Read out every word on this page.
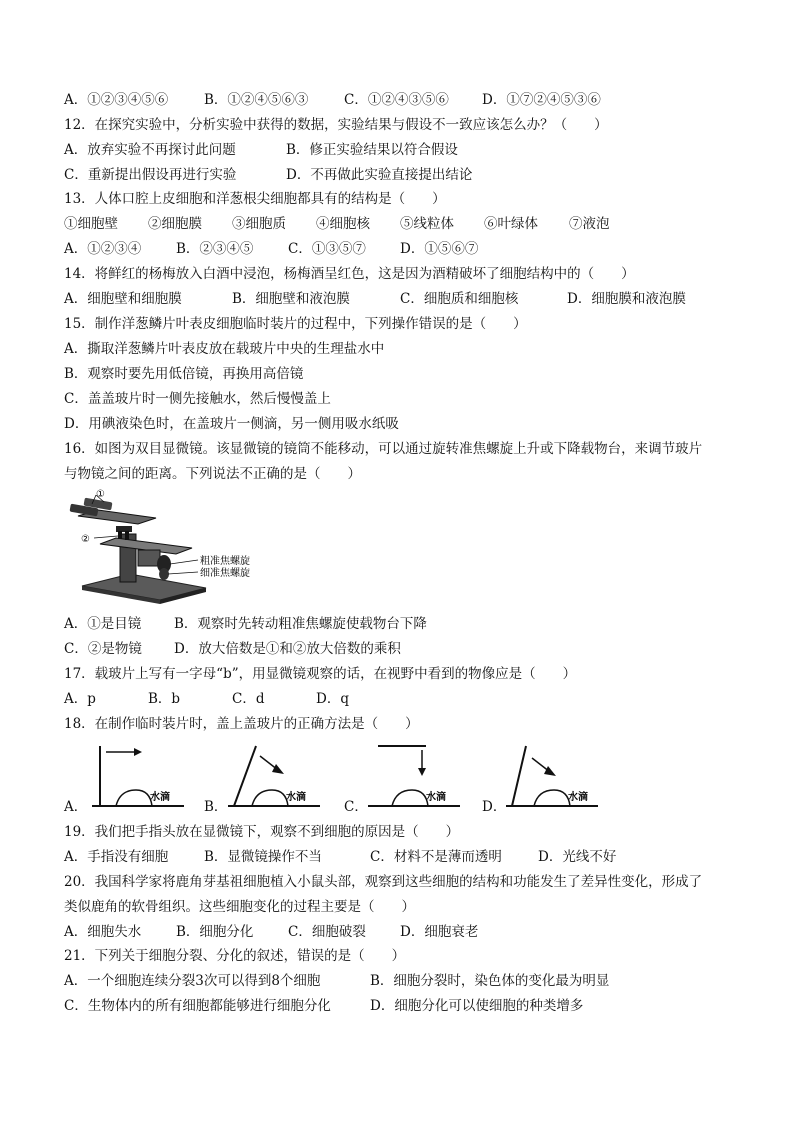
A．①②③④⑤⑥	B．①②④⑤⑥③	C．①②④③⑤⑥ D．①⑦②④⑤③⑥
12．在探究实验中，分析实验中获得的数据，实验结果与假设不一致应该怎么办？（　　）
A．放弃实验不再探讨此问题	B．修正实验结果以符合假设
C．重新提出假设再进行实验	D．不再做此实验直接提出结论
13．人体口腔上皮细胞和洋葱根尖细胞都具有的结构是（　　）
①细胞壁 ②细胞膜 ③细胞质 ④细胞核 ⑤线粒体 ⑥叶绿体 ⑦液泡
A．①②③④	B．②③④⑤	C．①③⑤⑦	D．①⑤⑥⑦
14．将鲜红的杨梅放入白酒中浸泡，杨梅酒呈红色，这是因为酒精破坏了细胞结构中的（　　）
A．细胞壁和细胞膜	B．细胞壁和液泡膜	C．细胞质和细胞核	D．细胞膜和液泡膜
15．制作洋葱鳞片叶表皮细胞临时装片的过程中，下列操作错误的是（　　）
A．撕取洋葱鳞片叶表皮放在载玻片中央的生理盐水中
B．观察时要先用低倍镜，再换用高倍镜
C．盖盖玻片时一侧先接触水，然后慢慢盖上
D．用碘液染色时，在盖玻片一侧滴，另一侧用吸水纸吸
16．如图为双目显微镜。该显微镜的镜筒不能移动，可以通过旋转准焦螺旋上升或下降载物台，来调节玻片
与物镜之间的距离。下列说法不正确的是（　　）
①
②
粗准焦螺旋
细准焦螺旋
A．①是目镜 B．观察时先转动粗准焦螺旋使载物台下降
C．②是物镜 D．放大倍数是①和②放大倍数的乘积
17．载玻片上写有一字母“b”，用显微镜观察的话，在视野中看到的物像应是（　　）
A．p	B．b	C．d	D．q
18．在制作临时装片时，盖上盖玻片的正确方法是（　　）
A．	B．	C．	D．
水滴	水滴	水滴	水滴
19．我们把手指头放在显微镜下，观察不到细胞的原因是（　　）
A．手指没有细胞	B．显微镜操作不当	C．材料不是薄而透明	D．光线不好
20．我国科学家将鹿角芽基祖细胞植入小鼠头部，观察到这些细胞的结构和功能发生了差异性变化，形成了
类似鹿角的软骨组织。这些细胞变化的过程主要是（　　）
A．细胞失水	B．细胞分化	C．细胞破裂	D．细胞衰老
21．下列关于细胞分裂、分化的叙述，错误的是（　　）
A．一个细胞连续分裂3次可以得到8个细胞	B．细胞分裂时，染色体的变化最为明显
C．生物体内的所有细胞都能够进行细胞分化	D．细胞分化可以使细胞的种类增多
